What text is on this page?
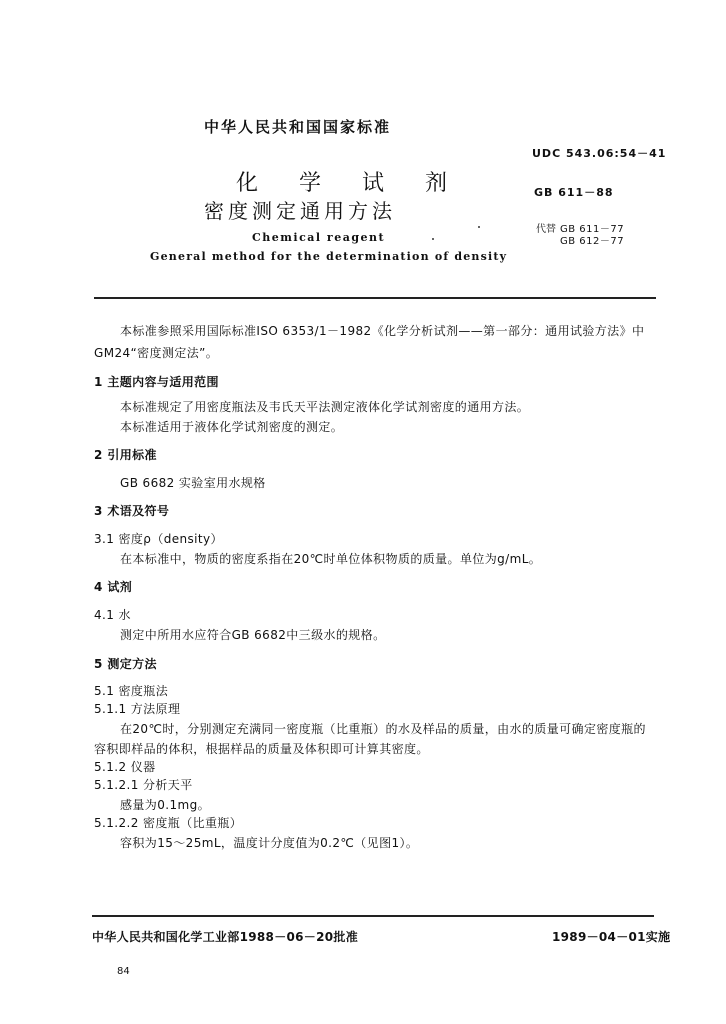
中华人民共和国国家标准
化 学 试 剂
密度测定通用方法
Chemical reagent
General method for the determination of density
UDC 543.06:54－41
GB 611－88
代替 GB 611－77
GB 612－77
本标准参照采用国际标准ISO 6353/1－1982《化学分析试剂——第一部分：通用试验方法》中
GM24“密度测定法”。
1 主题内容与适用范围
本标准规定了用密度瓶法及韦氏天平法测定液体化学试剂密度的通用方法。
本标准适用于液体化学试剂密度的测定。
2 引用标准
GB 6682 实验室用水规格
3 术语及符号
3.1 密度ρ（density）
在本标准中，物质的密度系指在20℃时单位体积物质的质量。单位为g/mL。
4 试剂
4.1 水
测定中所用水应符合GB 6682中三级水的规格。
5 测定方法
5.1 密度瓶法
5.1.1 方法原理
在20℃时，分别测定充满同一密度瓶（比重瓶）的水及样品的质量，由水的质量可确定密度瓶的
容积即样品的体积，根据样品的质量及体积即可计算其密度。
5.1.2 仪器
5.1.2.1 分析天平
感量为0.1mg。
5.1.2.2 密度瓶（比重瓶）
容积为15～25mL，温度计分度值为0.2℃（见图1）。
中华人民共和国化学工业部1988－06－20批准	1989－04－01实施
84
